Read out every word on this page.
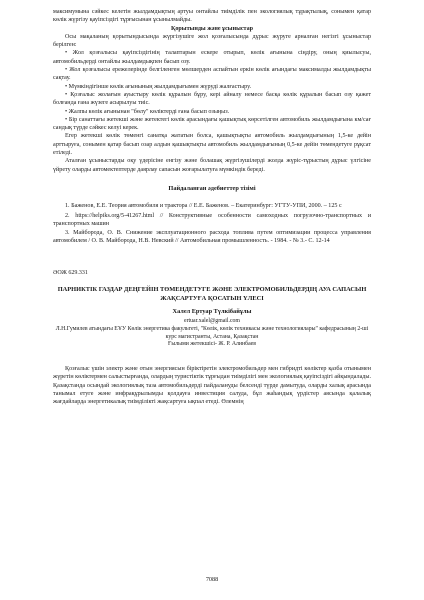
максимумына сәйкес келетін жылдамдықтың артуы онтайлы тиімділік пен экологиялық тұрақтылық, сонымен қатар көлік жүргізу қауіпсіздігі тұрғысынан ұсынылмайды.

Қорытынды және ұсыныстар

Осы мақаланың қорытындысында жүргізушіге жол қозғалысында дұрыс жүруге арналған негізгі ұсыныстар берілген:

• Жол қозғалысы қауіпсіздігінің талаптарын ескере отырып, көлік ағынына сіңдіру, оның қиылысуы, автомобильдерді онтайлы жылдамдықпен басып озу.

• Жол қозғалысы ережелерінде белгіленген мөлшерден аспайтын еркін көлік ағындағы максималды жылдамдықты сақтау.

• Мүмкіндігінше көлік ағынының жылдамдығымен жүруді жалғастыру.

• Қозғалыс жолағын ауыстыру көлік құралын бұру, кері айналу немесе басқа көлік құралын басып озу қажет болғанда ғана жүзеге асырылуы тиіс.

• Жалпы көлік ағынынан "бөлу" көліктерді ғана басып озыңыз.

• Бір санаттағы жетекші және жетектегі көлік арасындағы қашықтық көрсетілген автомобиль жылдамдығына км/сағ сандық түрде сәйкес келуі керек.

Егер жетекші көлік төменгі санатқа жататын болса, қашықтықты автомобиль жылдамдығының 1,5-ке дейін арттыруға, сонымен қатар басып озар алдын қашықтықты автомобиль жылдамдығының 0,5-ке дейін төмендетуге рұқсат етіледі.

Аталған ұсыныстарды оқу үдерісіне енгізу және болашақ жүргізушілерді жолда жүріс-тұрыстың дұрыс үлгісіне үйрету оларды автомектептерде даярлау сапасын жоғарылатуға мүмкіндік береді.

Пайдаланған әдебиеттер тізімі

1. Баженов, Е.Е. Теория автомобиля и трактора // Е.Е. Баженов. – Екатеринбург: УГТУ-УПИ, 2000. – 125 с

2. https://helpiks.org/5-41267.html // Конструктивные особенности самоходных погрузочно-транспортных и транспортных машин

3. Майборода, О. В. Снижение эксплуатационного расхода топлива путем оптимизации процесса управления автомобилем / О. В. Майборода, Н.В. Невский // Автомобильная промышленность. - 1984. - № 3.- С. 12-14

ӘОЖ 629.331

ПАРНИКТІК ГАЗДАР ДЕҢГЕЙІН ТӨМЕНДЕТУГЕ ЖӘНЕ ЭЛЕКТРОМОБИЛЬДЕРДІҢ АУА САПАСЫН ЖАҚСАРТУҒА ҚОСАТЫН ҮЛЕСІ

Халел Ертуар Түлкібайұлы

ertuar.xalel@gmail.com

Л.Н.Гумилев атындағы ЕҰУ Көлік энергетика факультеті, "Көлік, көлік техникасы және технологиялары" кафедрасының 2-ші курс магистранты, Астана, Қазақстан
Ғылыми жетекшісі- Ж. Р. Алинбаев

Қозғалыс үшін электр және отын энергиясын біріктіретін электромобильдер мен гибридті көліктер қазба отынымен жүретін көліктермен салыстырғанда, олардың туристіктік тұрғыдан тиімділігі мен экологиялық қауіпсіздігі айқындалады. Қазақстанда осындай экологиялық таза автомобильдерді пайдалануды белсенді түрде дамытуда, оларды халық арасында танымал етуге және инфрақұрылымды қолдауға инвестиция салуда, бұл жаһандық үрдістер аясында қалалық жағдайларда энергетикалық тиімділікті жақсартуға ықпал етеді. Өлемнің

7088
